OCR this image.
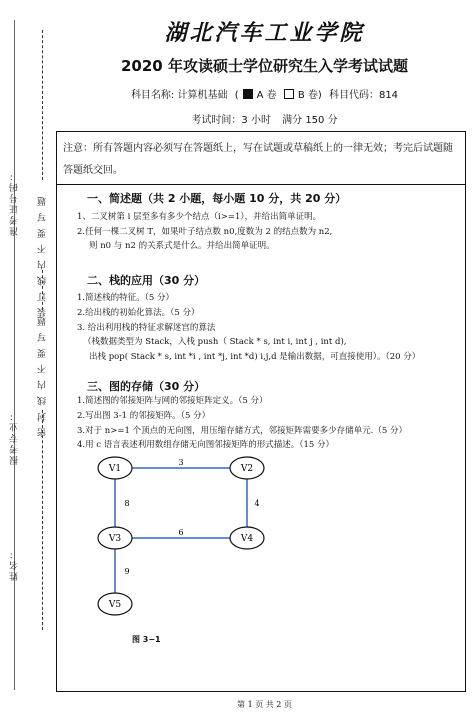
准考证号码：
报考专业：
姓名：
装 订 线 内 不 要 写 题
密 封 线 内 不 要 写 题
湖北汽车工业学院
2020 年攻读硕士学位研究生入学考试试题
科目名称: 计算机基础 ( A 卷 B 卷) 科目代码：814
考试时间：3 小时 满分 150 分
注意：所有答题内容必须写在答题纸上，写在试题或草稿纸上的一律无效；考完后试题随答题纸交回。
一、简述题（共 2 小题，每小题 10 分，共 20 分）
1、二叉树第 i 层至多有多少个结点（i>=1），并给出简单证明。
2.任何一棵二叉树 T，如果叶子结点数 n0,度数为 2 的结点数为 n2,
则 n0 与 n2 的关系式是什么。并给出简单证明。
二、栈的应用（30 分）
1.简述栈的特征。（5 分）
2.给出栈的初始化算法。（5 分）
3. 给出利用栈的特征求解迷宫的算法
（栈数据类型为 Stack，入栈 push（ Stack * s, int i, int j , int d),
出栈 pop( Stack * s, int *i , int *j, int *d) i,j,d 是输出数据，可直接使用）。（20 分）
三、图的存储（30 分）
1.简述图的邻接矩阵与网的邻接矩阵定义。（5 分）
2.写出图 3-1 的邻接矩阵。（5 分）
3.对于 n>=1 个顶点的无向图，用压缩存储方式，邻接矩阵需要多少存储单元.（5 分）
4.用 c 语言表述利用数组存储无向图邻接矩阵的形式描述。（15 分）
3
4
8
6
9
V1	V2
V3	V4
V5
图 3−1
第 1 页 共 2 页
